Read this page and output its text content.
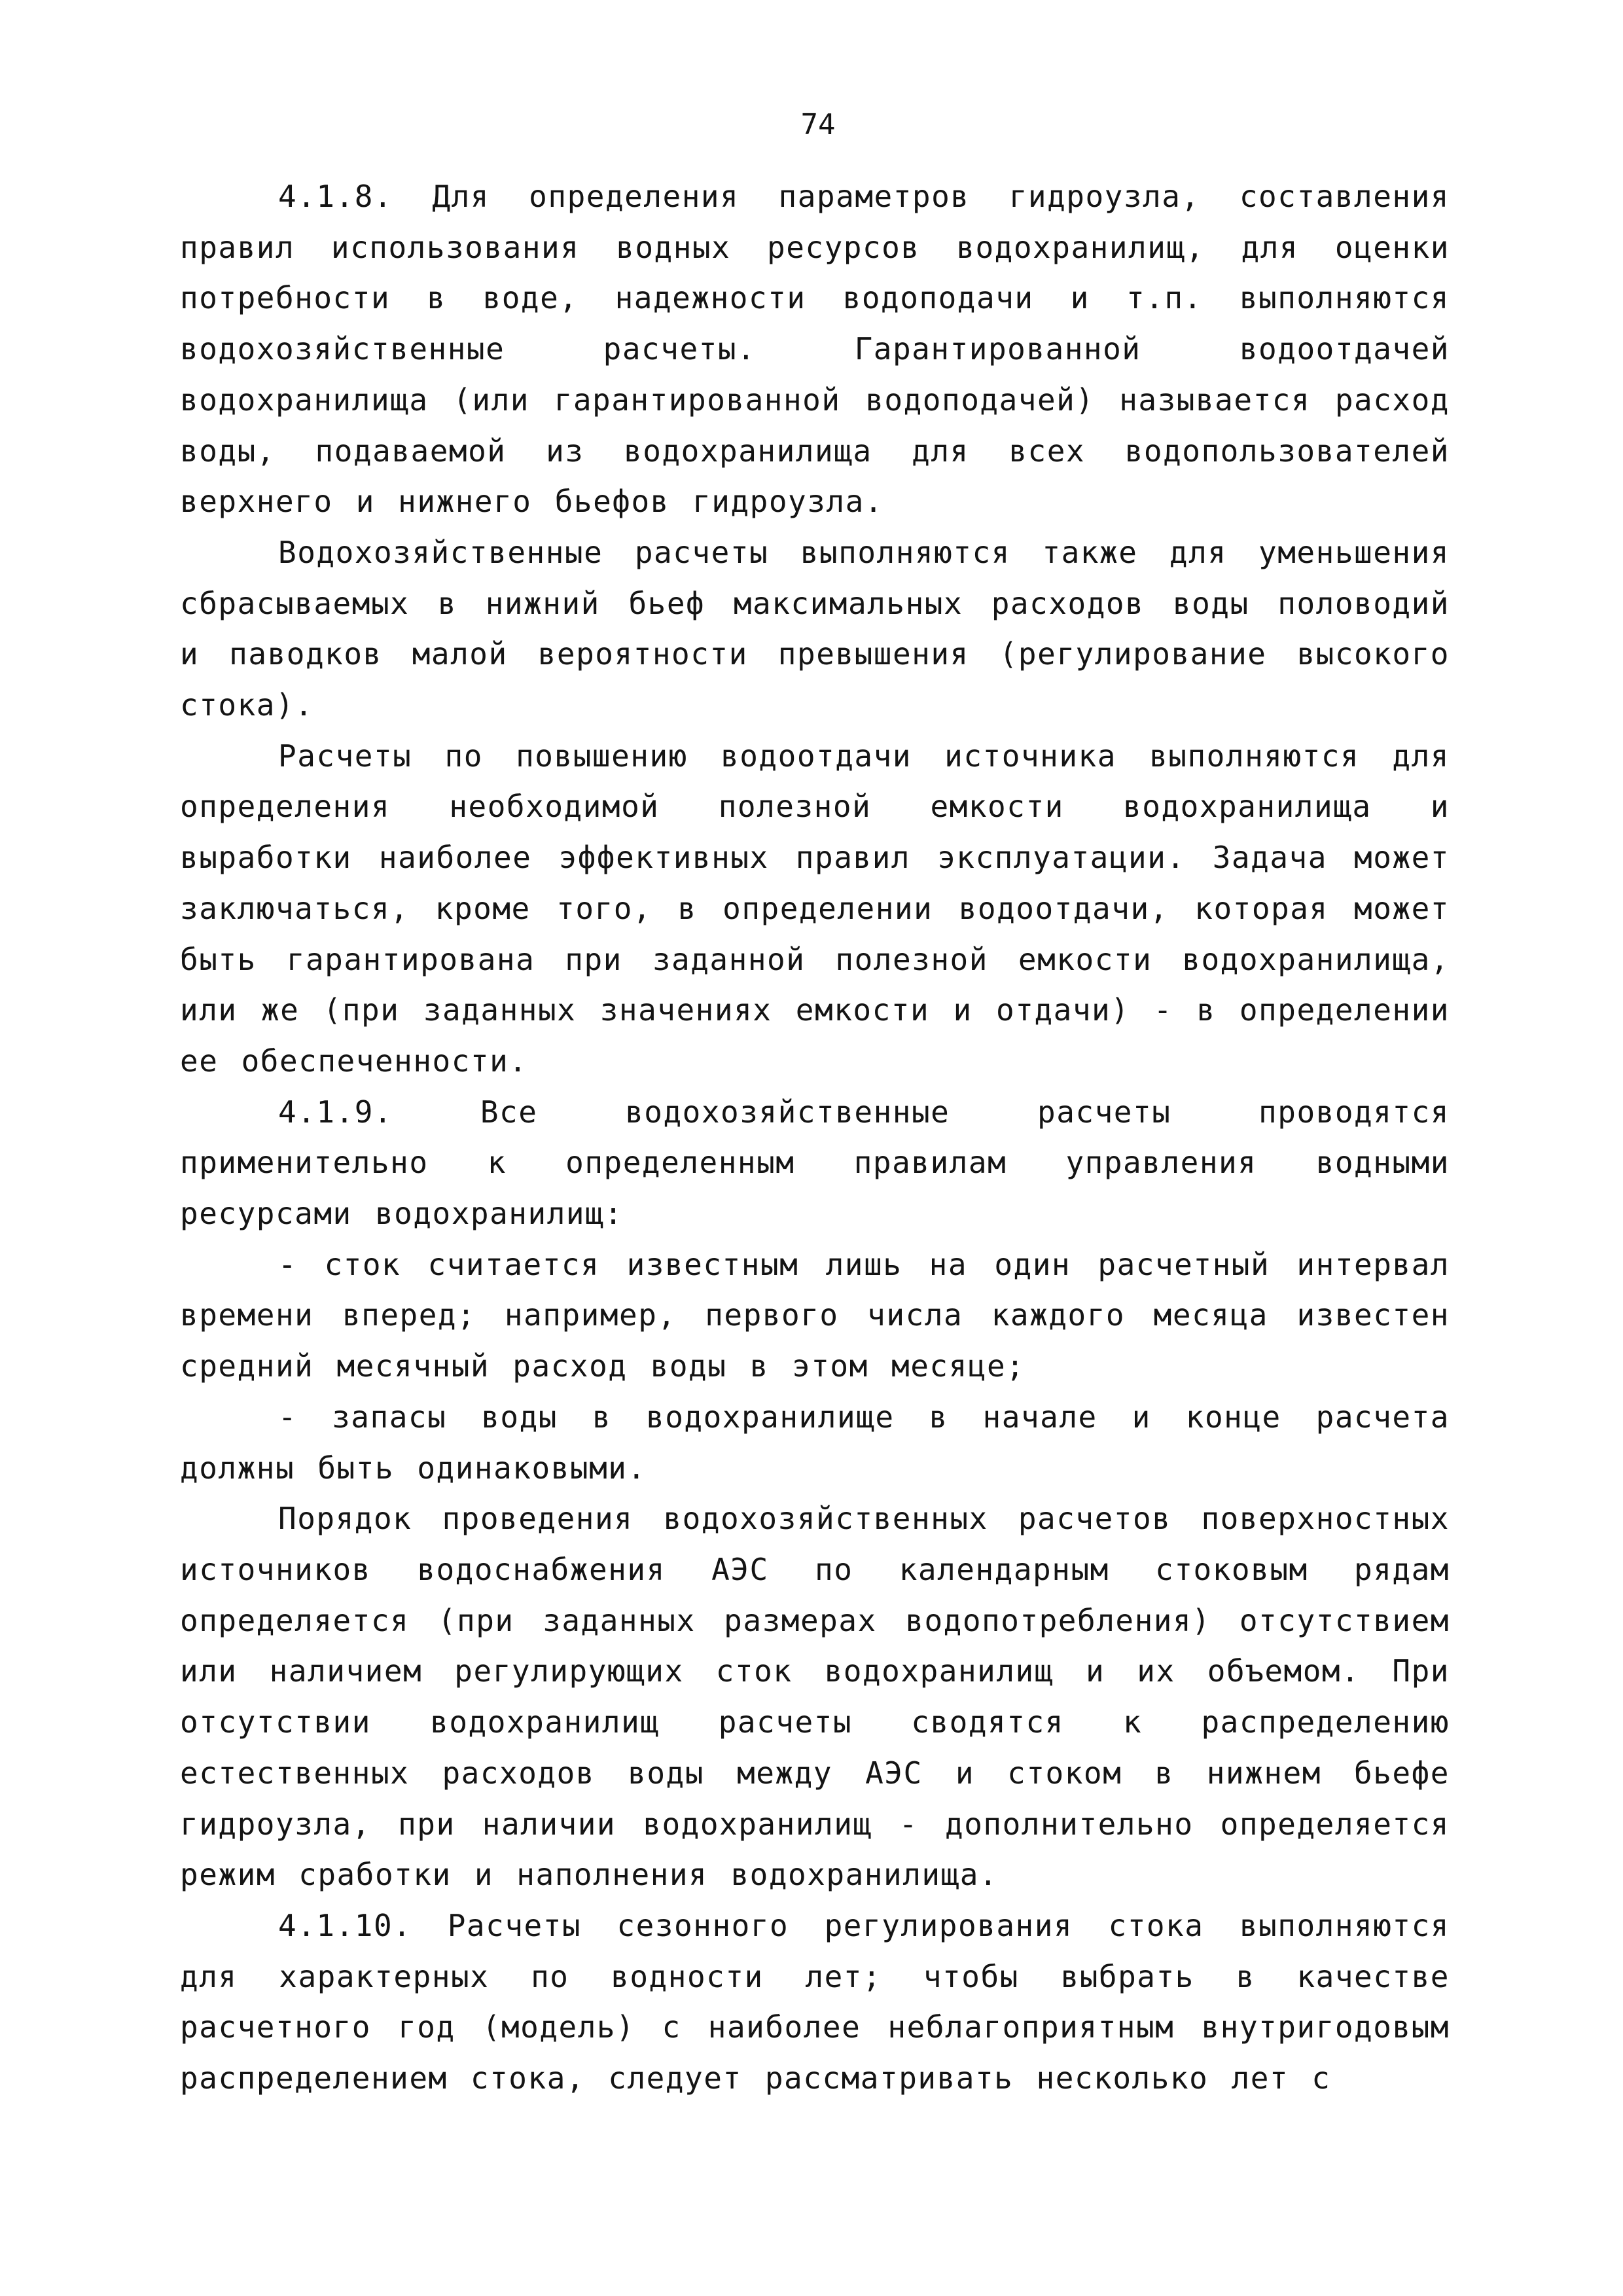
74

4.1.8. Для определения параметров гидроузла, составления правил использования водных ресурсов водохранилищ, для оценки потребности в воде, надежности водоподачи и т.п. выполняются водохозяйственные расчеты. Гарантированной водоотдачей водохранилища (или гарантированной водоподачей) называется расход воды, подаваемой из водохранилища для всех водопользователей верхнего и нижнего бьефов гидроузла.

Водохозяйственные расчеты выполняются также для уменьшения сбрасываемых в нижний бьеф максимальных расходов воды половодий и паводков малой вероятности превышения (регулирование высокого стока).

Расчеты по повышению водоотдачи источника выполняются для определения необходимой полезной емкости водохранилища и выработки наиболее эффективных правил эксплуатации. Задача может заключаться, кроме того, в определении водоотдачи, которая может быть гарантирована при заданной полезной емкости водохранилища, или же (при заданных значениях емкости и отдачи) - в определении ее обеспеченности.

4.1.9. Все водохозяйственные расчеты проводятся применительно к определенным правилам управления водными ресурсами водохранилищ:

- сток считается известным лишь на один расчетный интервал времени вперед; например, первого числа каждого месяца известен средний месячный расход воды в этом месяце;

- запасы воды в водохранилище в начале и конце расчета должны быть одинаковыми.

Порядок проведения водохозяйственных расчетов поверхностных источников водоснабжения АЭС по календарным стоковым рядам определяется (при заданных размерах водопотребления) отсутствием или наличием регулирующих сток водохранилищ и их объемом. При отсутствии водохранилищ расчеты сводятся к распределению естественных расходов воды между АЭС и стоком в нижнем бьефе гидроузла, при наличии водохранилищ - дополнительно определяется режим сработки и наполнения водохранилища.

4.1.10. Расчеты сезонного регулирования стока выполняются для характерных по водности лет; чтобы выбрать в качестве расчетного год (модель) с наиболее неблагоприятным внутригодовым распределением стока, следует рассматривать несколько лет с
